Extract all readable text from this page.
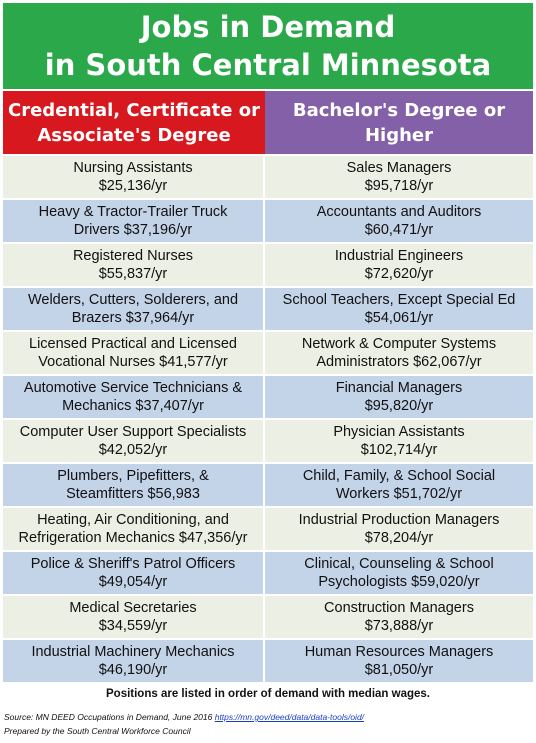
Jobs in Demand
in South Central Minnesota
Credential, Certificate or
Associate's Degree
Bachelor's Degree or
Higher
Nursing Assistants
$25,136/yr
Heavy & Tractor-Trailer Truck
Drivers $37,196/yr
Registered Nurses
$55,837/yr
Welders, Cutters, Solderers, and
Brazers $37,964/yr
Licensed Practical and Licensed
Vocational Nurses $41,577/yr
Automotive Service Technicians &
Mechanics $37,407/yr
Computer User Support Specialists
$42,052/yr
Plumbers, Pipefitters, &
Steamfitters $56,983
Heating, Air Conditioning, and
Refrigeration Mechanics $47,356/yr
Police & Sheriff's Patrol Officers
$49,054/yr
Medical Secretaries
$34,559/yr
Industrial Machinery Mechanics
$46,190/yr
Sales Managers
$95,718/yr
Accountants and Auditors
$60,471/yr
Industrial Engineers
$72,620/yr
School Teachers, Except Special Ed
$54,061/yr
Network & Computer Systems
Administrators $62,067/yr
Financial Managers
$95,820/yr
Physician Assistants
$102,714/yr
Child, Family, & School Social
Workers $51,702/yr
Industrial Production Managers
$78,204/yr
Clinical, Counseling & School
Psychologists $59,020/yr
Construction Managers
$73,888/yr
Human Resources Managers
$81,050/yr
Positions are listed in order of demand with median wages.
Source: MN DEED Occupations in Demand, June 2016 https://mn.gov/deed/data/data-tools/oid/
Prepared by the South Central Workforce Council
